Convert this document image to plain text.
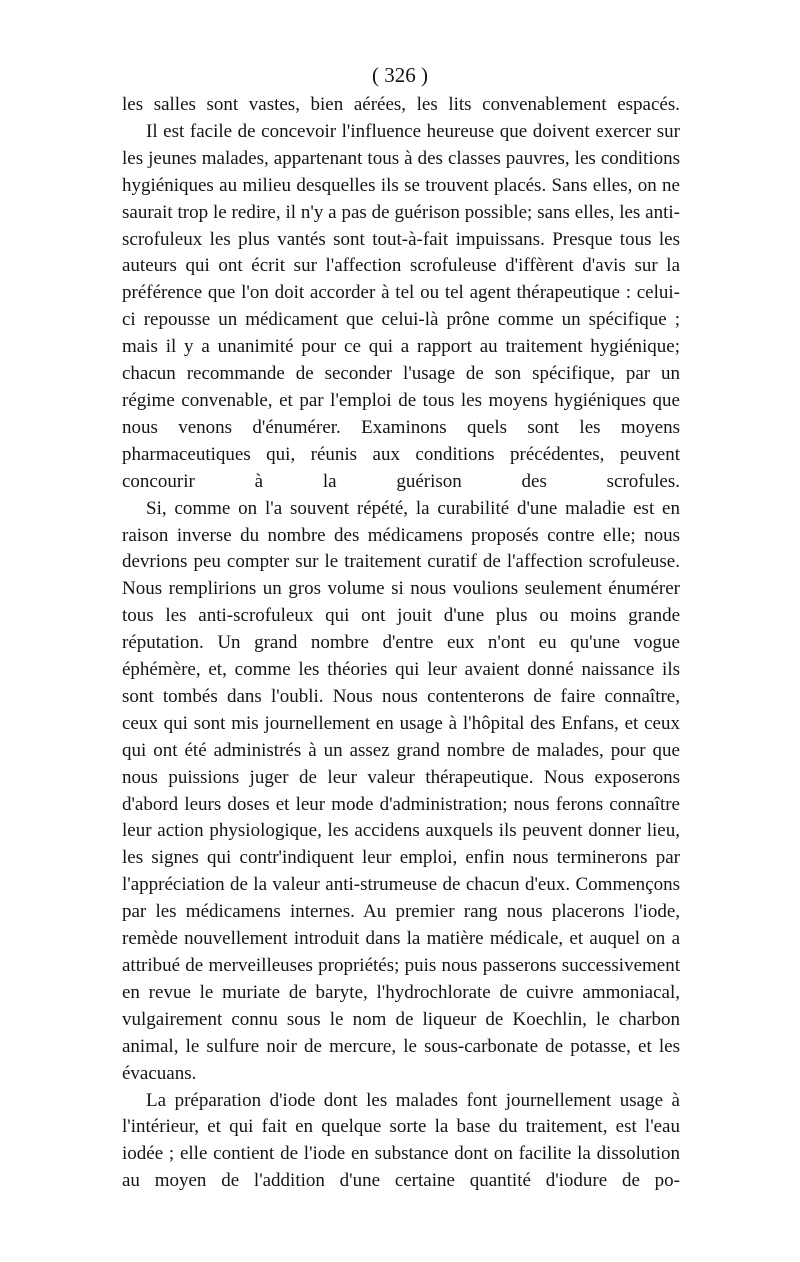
( 326 )

les salles sont vastes, bien aérées, les lits convenablement espacés.

Il est facile de concevoir l'influence heureuse que doivent exercer sur les jeunes malades, appartenant tous à des classes pauvres, les conditions hygiéniques au milieu desquelles ils se trouvent placés. Sans elles, on ne saurait trop le redire, il n'y a pas de guérison possible; sans elles, les anti-scrofuleux les plus vantés sont tout-à-fait impuissans. Presque tous les auteurs qui ont écrit sur l'affection scrofuleuse d'iffèrent d'avis sur la préférence que l'on doit accorder à tel ou tel agent thérapeutique : celui-ci repousse un médicament que celui-là prône comme un spécifique ; mais il y a unanimité pour ce qui a rapport au traitement hygiénique; chacun recommande de seconder l'usage de son spécifique, par un régime convenable, et par l'emploi de tous les moyens hygiéniques que nous venons d'énumérer. Examinons quels sont les moyens pharmaceutiques qui, réunis aux conditions précédentes, peuvent concourir à la guérison des scrofules.

Si, comme on l'a souvent répété, la curabilité d'une maladie est en raison inverse du nombre des médicamens proposés contre elle; nous devrions peu compter sur le traitement curatif de l'affection scrofuleuse. Nous remplirions un gros volume si nous voulions seulement énumérer tous les anti-scrofuleux qui ont jouit d'une plus ou moins grande réputation. Un grand nombre d'entre eux n'ont eu qu'une vogue éphémère, et, comme les théories qui leur avaient donné naissance ils sont tombés dans l'oubli. Nous nous contenterons de faire connaître, ceux qui sont mis journellement en usage à l'hôpital des Enfans, et ceux qui ont été administrés à un assez grand nombre de malades, pour que nous puissions juger de leur valeur thérapeutique. Nous exposerons d'abord leurs doses et leur mode d'administration; nous ferons connaître leur action physiologique, les accidens auxquels ils peuvent donner lieu, les signes qui contr'indiquent leur emploi, enfin nous terminerons par l'appréciation de la valeur anti-strumeuse de chacun d'eux. Commençons par les médicamens internes. Au premier rang nous placerons l'iode, remède nouvellement introduit dans la matière médicale, et auquel on a attribué de merveilleuses propriétés; puis nous passerons successivement en revue le muriate de baryte, l'hydrochlorate de cuivre ammoniacal, vulgairement connu sous le nom de liqueur de Koechlin, le charbon animal, le sulfure noir de mercure, le sous-carbonate de potasse, et les évacuans.

La préparation d'iode dont les malades font journellement usage à l'intérieur, et qui fait en quelque sorte la base du traitement, est l'eau iodée ; elle contient de l'iode en substance dont on facilite la dissolution au moyen de l'addition d'une certaine quantité d'iodure de po-
